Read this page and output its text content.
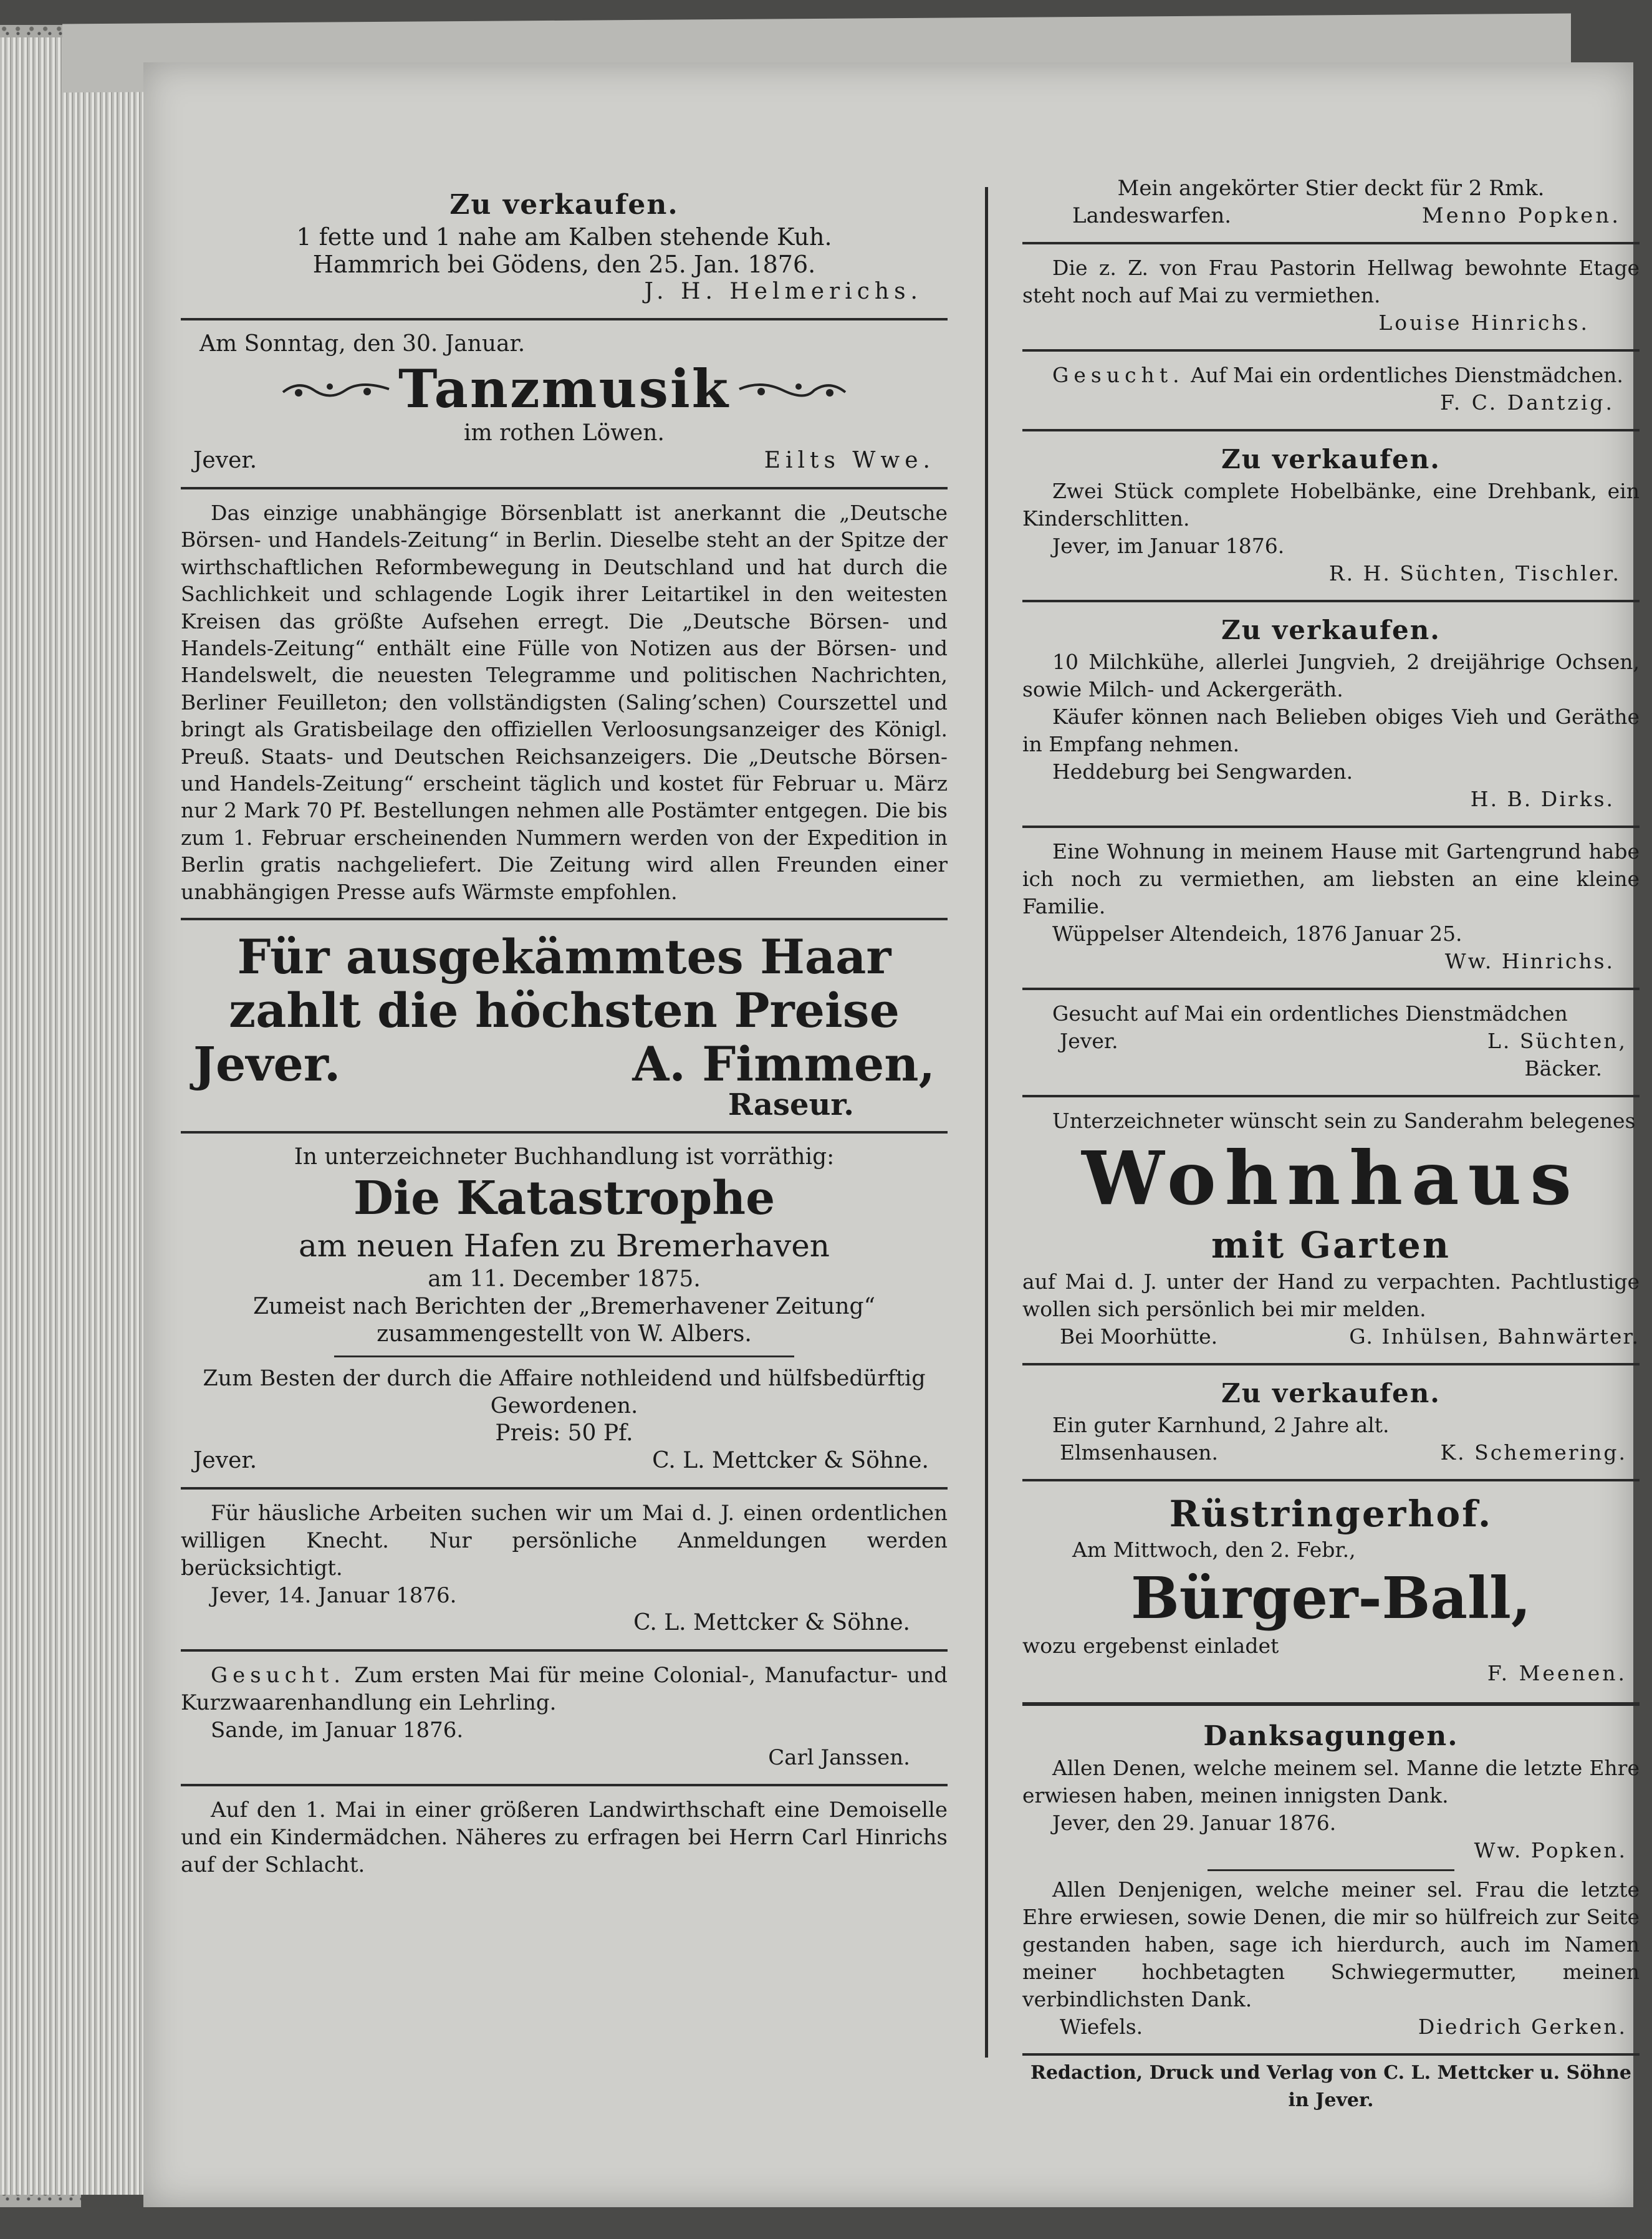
Zu verkaufen.
1 fette und 1 nahe am Kalben stehende Kuh.
Hammrich bei Gödens, den 25. Jan. 1876.
J. H. Helmerichs.
Am Sonntag, den 30. Januar.
Tanzmusik
im rothen Löwen.
Jever.	Eilts Wwe.
Das einzige unabhängige Börsenblatt ist anerkannt die „Deutsche Börsen- und Handels-Zeitung“ in Berlin. Dieselbe steht an der Spitze der wirthschaftlichen Reformbewegung in Deutschland und hat durch die Sachlichkeit und schlagende Logik ihrer Leitartikel in den weitesten Kreisen das größte Aufsehen erregt. Die „Deutsche Börsen- und Handels-Zeitung“ enthält eine Fülle von Notizen aus der Börsen- und Handelswelt, die neuesten Telegramme und politischen Nachrichten, Berliner Feuilleton; den vollständigsten (Saling’schen) Courszettel und bringt als Gratisbeilage den offiziellen Verloosungsanzeiger des Königl. Preuß. Staats- und Deutschen Reichsanzeigers. Die „Deutsche Börsen- und Handels-Zeitung“ erscheint täglich und kostet für Februar u. März nur 2 Mark 70 Pf. Bestellungen nehmen alle Postämter entgegen. Die bis zum 1. Februar erscheinenden Nummern werden von der Expedition in Berlin gratis nachgeliefert. Die Zeitung wird allen Freunden einer unabhängigen Presse aufs Wärmste empfohlen.
Für ausgekämmtes Haar
zahlt die höchsten Preise
Jever.	A. Fimmen,
Raseur.
In unterzeichneter Buchhandlung ist vorräthig:
Die Katastrophe
am neuen Hafen zu Bremerhaven
am 11. December 1875.
Zumeist nach Berichten der „Bremerhavener Zeitung“
zusammengestellt von W. Albers.
Zum Besten der durch die Affaire nothleidend und hülfsbedürftig Gewordenen.
Preis: 50 Pf.
Jever.	C. L. Mettcker & Söhne.
Für häusliche Arbeiten suchen wir um Mai d. J. einen ordentlichen willigen Knecht. Nur persönliche Anmeldungen werden berücksichtigt.
Jever, 14. Januar 1876.
C. L. Mettcker & Söhne.
Gesucht. Zum ersten Mai für meine Colonial-, Manufactur- und Kurzwaarenhandlung ein Lehrling.
Sande, im Januar 1876.
Carl Janssen.
Auf den 1. Mai in einer größeren Landwirthschaft eine Demoiselle und ein Kindermädchen. Näheres zu erfragen bei Herrn Carl Hinrichs auf der Schlacht.
Mein angekörter Stier deckt für 2 Rmk.
Landeswarfen.	Menno Popken.
Die z. Z. von Frau Pastorin Hellwag bewohnte Etage steht noch auf Mai zu vermiethen.
Louise Hinrichs.
Gesucht. Auf Mai ein ordentliches Dienstmädchen.
F. C. Dantzig.
Zu verkaufen.
Zwei Stück complete Hobelbänke, eine Drehbank, ein Kinderschlitten.
Jever, im Januar 1876.
R. H. Süchten, Tischler.
Zu verkaufen.
10 Milchkühe, allerlei Jungvieh, 2 dreijährige Ochsen, sowie Milch- und Ackergeräth.
Käufer können nach Belieben obiges Vieh und Geräthe in Empfang nehmen.
Heddeburg bei Sengwarden.
H. B. Dirks.
Eine Wohnung in meinem Hause mit Gartengrund habe ich noch zu vermiethen, am liebsten an eine kleine Familie.
Wüppelser Altendeich, 1876 Januar 25.
Ww. Hinrichs.
Gesucht auf Mai ein ordentliches Dienstmädchen
Jever.	L. Süchten,
Bäcker.
Unterzeichneter wünscht sein zu Sanderahm belegenes
Wohnhaus
mit Garten
auf Mai d. J. unter der Hand zu verpachten. Pachtlustige wollen sich persönlich bei mir melden.
Bei Moorhütte.	G. Inhülsen, Bahnwärter.
Zu verkaufen.
Ein guter Karnhund, 2 Jahre alt.
Elmsenhausen.	K. Schemering.
Rüstringerhof.
Am Mittwoch, den 2. Febr.,
Bürger-Ball,
wozu ergebenst einladet
F. Meenen.
Danksagungen.
Allen Denen, welche meinem sel. Manne die letzte Ehre erwiesen haben, meinen innigsten Dank.
Jever, den 29. Januar 1876.
Ww. Popken.
Allen Denjenigen, welche meiner sel. Frau die letzte Ehre erwiesen, sowie Denen, die mir so hülfreich zur Seite gestanden haben, sage ich hierdurch, auch im Namen meiner hochbetagten Schwiegermutter, meinen verbindlichsten Dank.
Wiefels.	Diedrich Gerken.
Redaction, Druck und Verlag von C. L. Mettcker u. Söhne in Jever.
